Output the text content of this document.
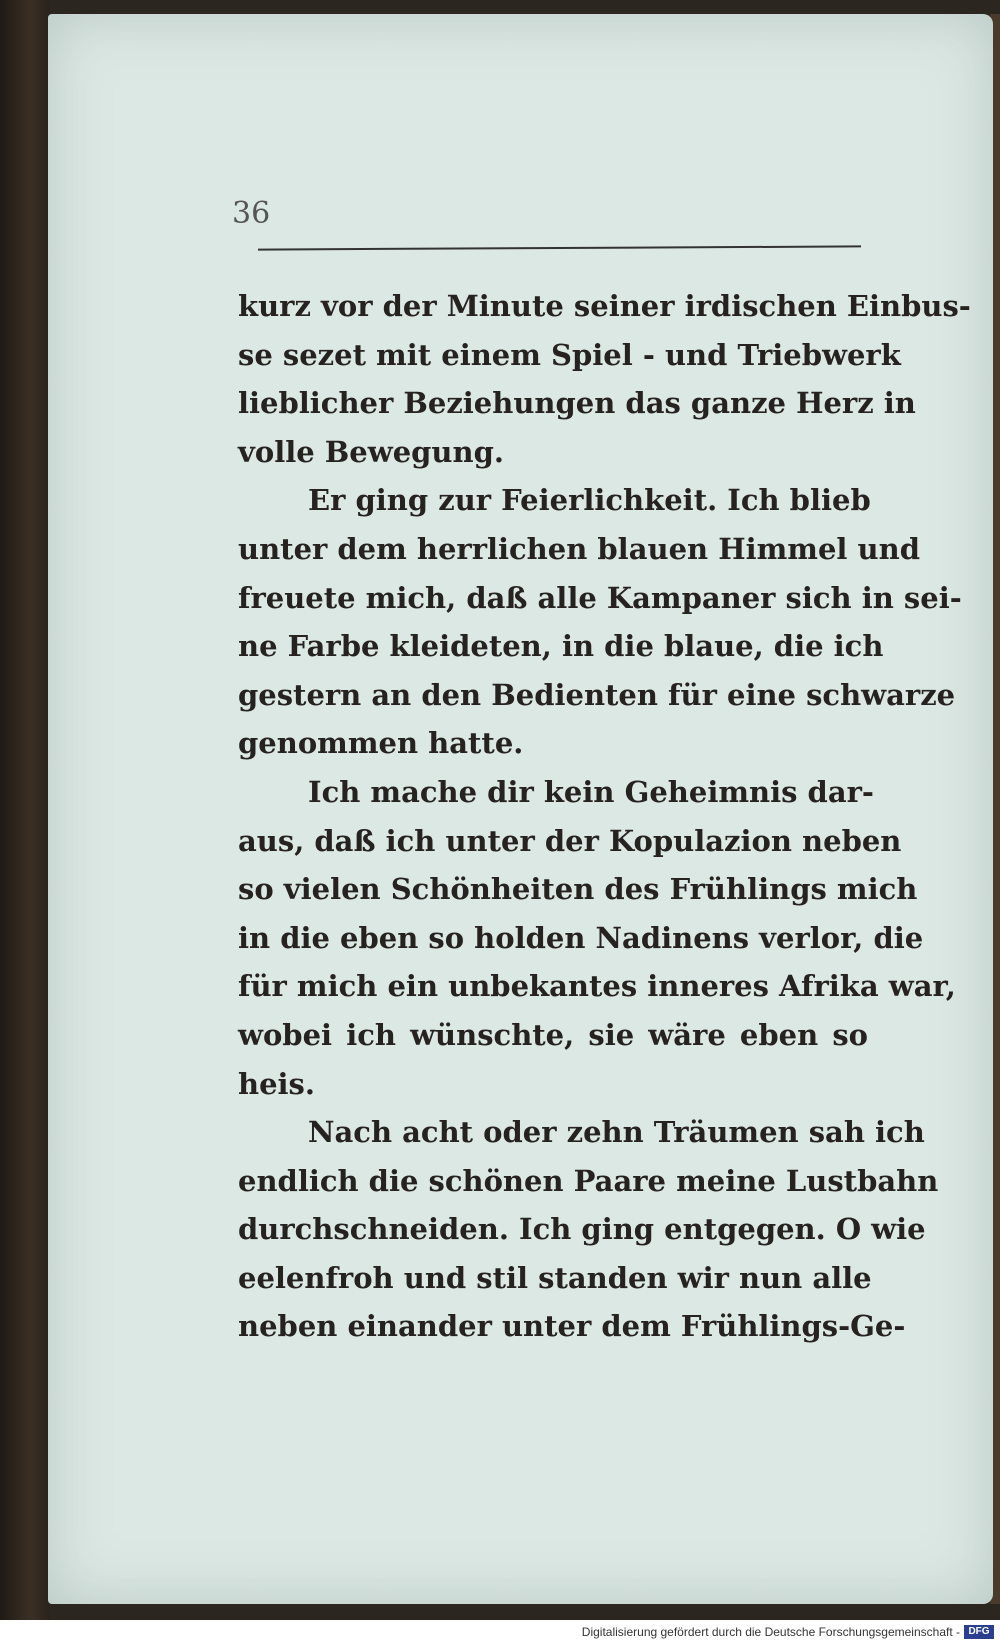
36
kurz vor der Minute seiner irdischen Einbus-
se sezet mit einem Spiel - und Triebwerk
lieblicher Beziehungen das ganze Herz in
volle Bewegung.
Er ging zur Feierlichkeit. Ich blieb
unter dem herrlichen blauen Himmel und
freuete mich, daß alle Kampaner sich in sei-
ne Farbe kleideten, in die blaue, die ich
gestern an den Bedienten für eine schwarze
genommen hatte.
Ich mache dir kein Geheimnis dar-
aus, daß ich unter der Kopulazion neben
so vielen Schönheiten des Frühlings mich
in die eben so holden Nadinens verlor, die
für mich ein unbekantes inneres Afrika war,
wobei ich wünschte, sie wäre eben so
heis.
Nach acht oder zehn Träumen sah ich
endlich die schönen Paare meine Lustbahn
durchschneiden. Ich ging entgegen. O wie
eelenfroh und stil standen wir nun alle
neben einander unter dem Frühlings-Ge-
Digitalisierung gefördert durch die Deutsche Forschungsgemeinschaft - DFG
